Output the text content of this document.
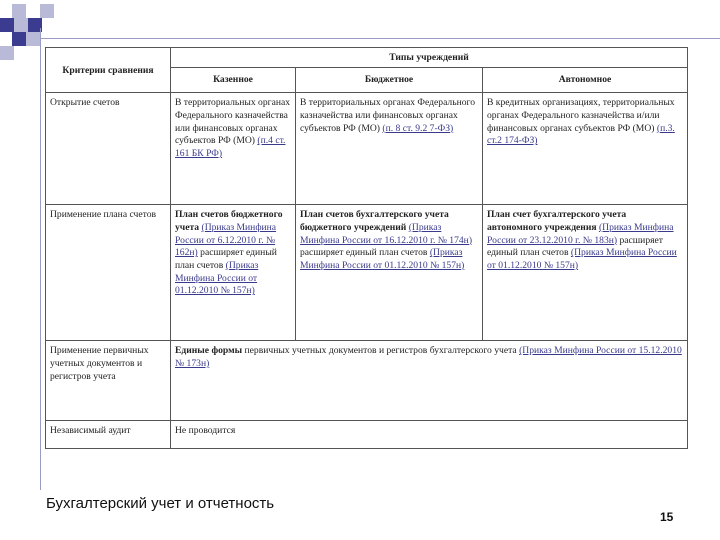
Критерии сравнения	Типы учреждений		
	Казенное	Бюджетное	Автономное
Открытие счетов	В территориальных органах Федерального казначейства или финансовых органах субъектов РФ (МО) (п.4 ст. 161 БК РФ)	В территориальных органах Федерального казначейства или финансовых органах субъектов РФ (МО) (п. 8 ст. 9.2 7-ФЗ)	В кредитных организациях, территориальных органах Федерального казначейства и/или финансовых органах субъектов РФ (МО) (п.3. ст.2 174-ФЗ)
Применение плана счетов	План счетов бюджетного учета (Приказ Минфина России от 6.12.2010 г. № 162н) расширяет единый план счетов (Приказ Минфина России от 01.12.2010 № 157н)	План счетов бухгалтерского учета бюджетного учреждений (Приказ Минфина России от 16.12.2010 г. № 174н) расширяет единый план счетов (Приказ Минфина России от 01.12.2010 № 157н)	План счет бухгалтерского учета автономного учреждения (Приказ Минфина России от 23.12.2010 г. № 183н) расширяет единый план счетов (Приказ Минфина России от 01.12.2010 № 157н)
Применение первичных учетных документов и регистров учета	Единые формы первичных учетных документов и регистров бухгалтерского учета (Приказ Минфина России от 15.12.2010 № 173н)		
Независимый аудит	Не проводится		
Бухгалтерский учет и отчетность
15
